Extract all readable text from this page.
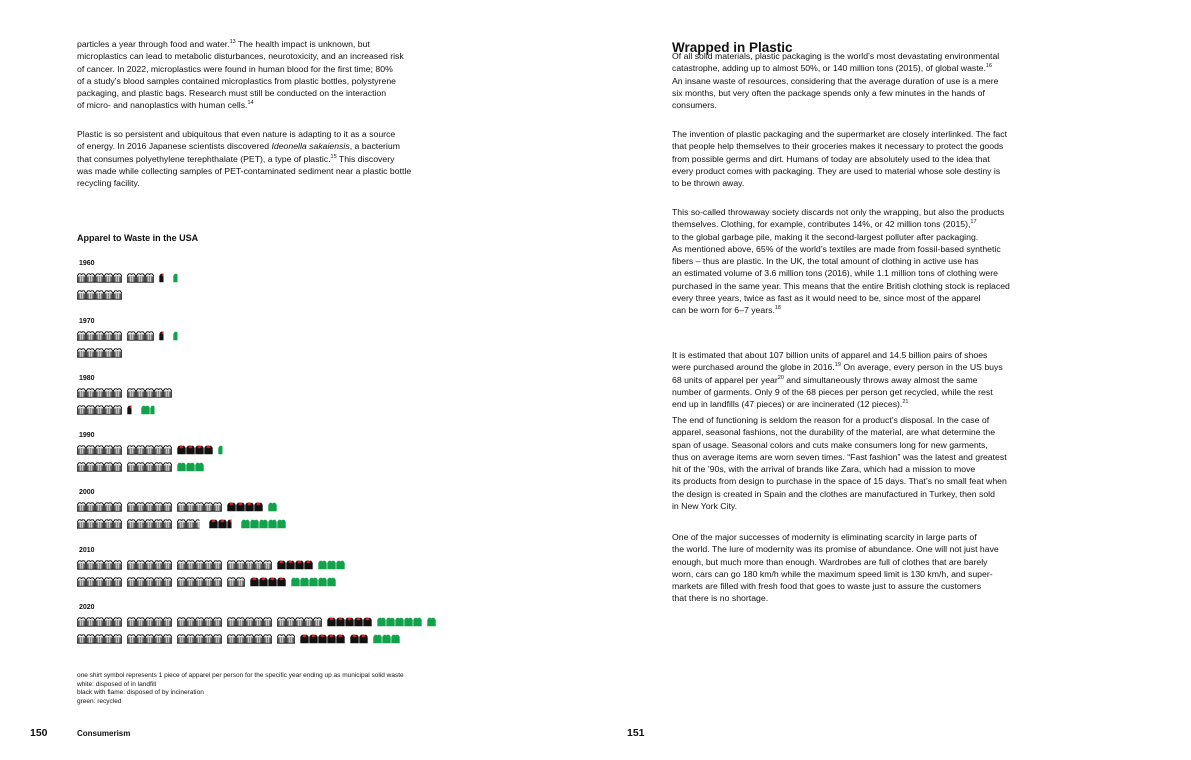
particles a year through food and water.$^{13}$ The health impact is unknown, but

microplastics can lead to metabolic disturbances, neurotoxicity, and an increased risk

of cancer. In 2022, microplastics were found in human blood for the first time; 80%

of a study’s blood samples contained microplastics from plastic bottles, polystyrene

packaging, and plastic bags. Research must still be conducted on the interaction

of micro- and nanoplastics with human cells.$^{14}$

Plastic is so persistent and ubiquitous that even nature is adapting to it as a source

of energy. In 2016 Japanese scientists discovered Ideonella sakaiensis, a bacterium

that consumes polyethylene terephthalate (PET), a type of plastic.$^{15}$ This discovery

was made while collecting samples of PET-contaminated sediment near a plastic bottle

recycling facility.

Apparel to Waste in the USA
1960
1970
1980
1990
2000
2010
2020
one shirt symbol represents 1 piece of apparel per person for the specific year ending up as municipal solid waste
white: disposed of in landfill
black with flame: disposed of by incineration
green: recycled
150	Consumerism
Wrapped in Plastic

Of all solid materials, plastic packaging is the world’s most devastating environmental

catastrophe, adding up to almost 50%, or 140 million tons (2015), of global waste.$^{16}$

An insane waste of resources, considering that the average duration of use is a mere

six months, but very often the package spends only a few minutes in the hands of

consumers.

The invention of plastic packaging and the supermarket are closely interlinked. The fact

that people help themselves to their groceries makes it necessary to protect the goods

from possible germs and dirt. Humans of today are absolutely used to the idea that

every product comes with packaging. They are used to material whose sole destiny is

to be thrown away.

This so-called throwaway society discards not only the wrapping, but also the products

themselves. Clothing, for example, contributes 14%, or 42 million tons (2015),$^{17}$

to the global garbage pile, making it the second-largest polluter after packaging.

As mentioned above, 65% of the world’s textiles are made from fossil-based synthetic

fibers – thus are plastic. In the UK, the total amount of clothing in active use has

an estimated volume of 3.6 million tons (2016), while 1.1 million tons of clothing were

purchased in the same year. This means that the entire British clothing stock is replaced

every three years, twice as fast as it would need to be, since most of the apparel

can be worn for 6–7 years.$^{18}$

It is estimated that about 107 billion units of apparel and 14.5 billion pairs of shoes

were purchased around the globe in 2016.19 On average, every person in the US buys

68 units of apparel per year$^{20}$ and simultaneously throws away almost the same

number of garments. Only 9 of the 68 pieces per person get recycled, while the rest

end up in landfills (47 pieces) or are incinerated (12 pieces).$^{21}$

The end of functioning is seldom the reason for a product’s disposal. In the case of

apparel, seasonal fashions, not the durability of the material, are what determine the

span of usage. Seasonal colors and cuts make consumers long for new garments,

thus on average items are worn seven times. “Fast fashion” was the latest and greatest

hit of the ’90s, with the arrival of brands like Zara, which had a mission to move

its products from design to purchase in the space of 15 days. That’s no small feat when

the design is created in Spain and the clothes are manufactured in Turkey, then sold

in New York City.

One of the major successes of modernity is eliminating scarcity in large parts of

the world. The lure of modernity was its promise of abundance. One will not just have

enough, but much more than enough. Wardrobes are full of clothes that are barely

worn, cars can go 180 km/h while the maximum speed limit is 130 km/h, and super-

markets are filled with fresh food that goes to waste just to assure the customers

that there is no shortage.

151
